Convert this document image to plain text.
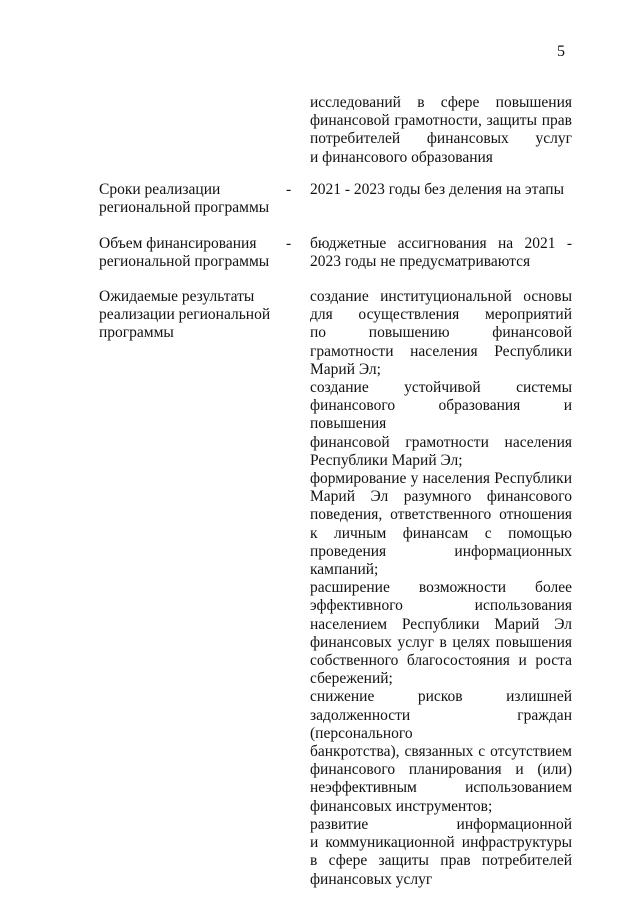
5
исследований в сфере повышения
финансовой грамотности, защиты прав
потребителей финансовых услуг
и финансового образования
Сроки реализации
региональной программы
- 2021 - 2023 годы без деления на этапы
Объем финансирования
региональной программы
- бюджетные ассигнования на 2021 -
2023 годы не предусматриваются
Ожидаемые результаты
реализации региональной
программы
создание институциональной основы
для осуществления мероприятий
по повышению финансовой
грамотности населения Республики
Марий Эл;
создание устойчивой системы
финансового образования и повышения
финансовой грамотности населения
Республики Марий Эл;
формирование у населения Республики
Марий Эл разумного финансового
поведения, ответственного отношения
к личным финансам с помощью
проведения информационных
кампаний;
расширение возможности более
эффективного использования
населением Республики Марий Эл
финансовых услуг в целях повышения
собственного благосостояния и роста
сбережений;
снижение рисков излишней
задолженности граждан (персонального
банкротства), связанных с отсутствием
финансового планирования и (или)
неэффективным использованием
финансовых инструментов;
развитие информационной
и коммуникационной инфраструктуры
в сфере защиты прав потребителей
финансовых услуг
